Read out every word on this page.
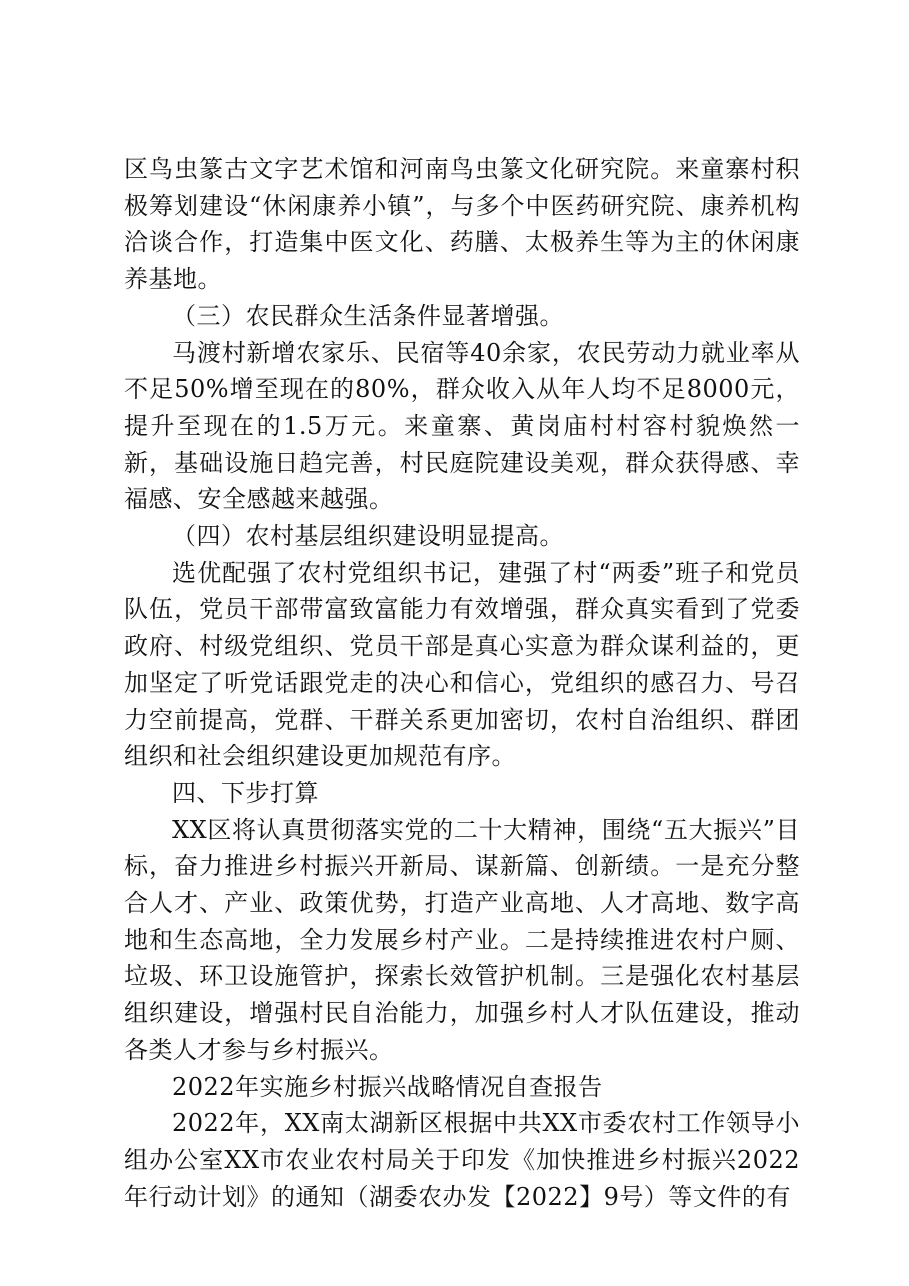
区鸟虫篆古文字艺术馆和河南鸟虫篆文化研究院。来童寨村积极筹划建设“休闲康养小镇”，与多个中医药研究院、康养机构洽谈合作，打造集中医文化、药膳、太极养生等为主的休闲康养基地。

（三）农民群众生活条件显著增强。

马渡村新增农家乐、民宿等40余家，农民劳动力就业率从不足50%增至现在的80%，群众收入从年人均不足8000元，提升至现在的1.5万元。来童寨、黄岗庙村村容村貌焕然一新，基础设施日趋完善，村民庭院建设美观，群众获得感、幸福感、安全感越来越强。

（四）农村基层组织建设明显提高。

选优配强了农村党组织书记，建强了村“两委”班子和党员队伍，党员干部带富致富能力有效增强，群众真实看到了党委政府、村级党组织、党员干部是真心实意为群众谋利益的，更加坚定了听党话跟党走的决心和信心，党组织的感召力、号召力空前提高，党群、干群关系更加密切，农村自治组织、群团组织和社会组织建设更加规范有序。

四、下步打算

XX区将认真贯彻落实党的二十大精神，围绕“五大振兴”目标，奋力推进乡村振兴开新局、谋新篇、创新绩。一是充分整合人才、产业、政策优势，打造产业高地、人才高地、数字高地和生态高地，全力发展乡村产业。二是持续推进农村户厕、垃圾、环卫设施管护，探索长效管护机制。三是强化农村基层组织建设，增强村民自治能力，加强乡村人才队伍建设，推动各类人才参与乡村振兴。

2022年实施乡村振兴战略情况自查报告

2022年，XX南太湖新区根据中共XX市委农村工作领导小组办公室XX市农业农村局关于印发《加快推进乡村振兴2022年行动计划》的通知（湖委农办发【2022】9号）等文件的有
